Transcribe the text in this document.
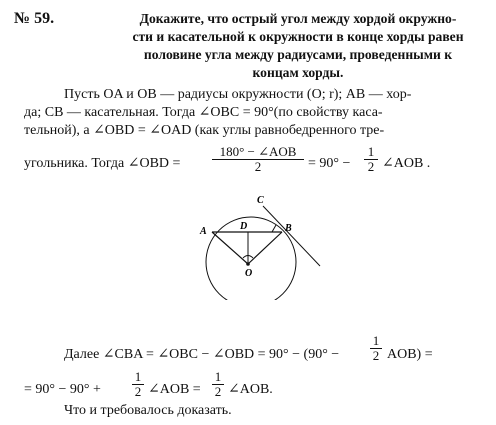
№ 59.	Докажите, что острый угол между хордой окружно-
сти и касательной к окружности в конце хорды равен
половине угла между радиусами, проведенными к
концам хорды.
Пусть OA и OB — радиусы окружности (O; r); AB — хор-
да; CB — касательная. Тогда ∠OBC = 90°(по свойству каса-
тельной), а ∠OBD = ∠OAD (как углы равнобедренного тре-
угольника. Тогда ∠OBD =
180° − ∠AOB
2	= $90^\circ - \frac{1}{2}$ ∠AOB .
A	B
C
D
O
Далее ∠CBA = ∠OBC − ∠OBD = $90^\circ - (90^\circ - \frac{1}{2} AOB)$ =
= $90^\circ - 90^\circ + \frac{1}{2}$ ∠AOB = $\frac{1}{2}$ ∠AOB.
Что и требовалось доказать.
